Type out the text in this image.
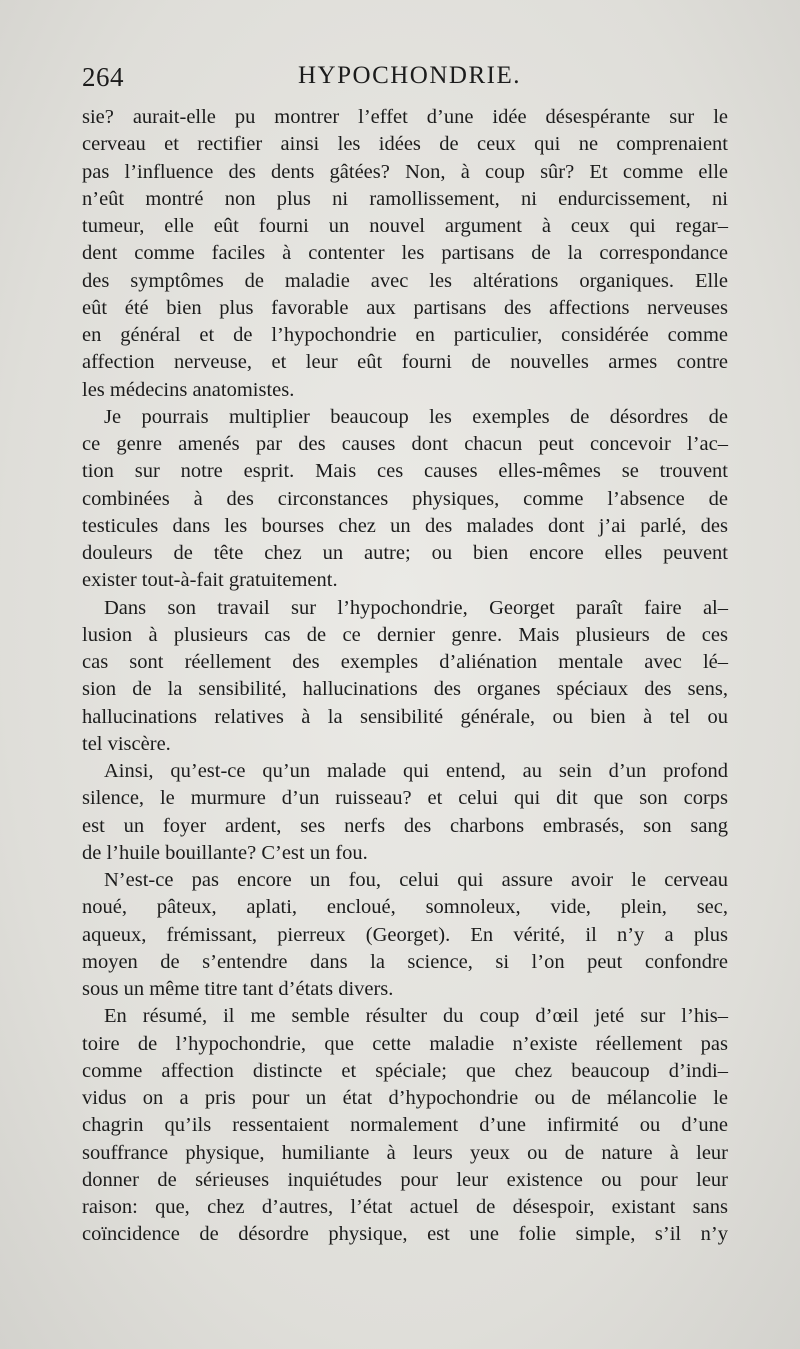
264	HYPOCHONDRIE.
sie? aurait-elle pu montrer l’effet d’une idée désespérante sur le
cerveau et rectifier ainsi les idées de ceux qui ne comprenaient
pas l’influence des dents gâtées? Non, à coup sûr? Et comme elle
n’eût montré non plus ni ramollissement, ni endurcissement, ni
tumeur, elle eût fourni un nouvel argument à ceux qui regar–
dent comme faciles à contenter les partisans de la correspondance
des symptômes de maladie avec les altérations organiques. Elle
eût été bien plus favorable aux partisans des affections nerveuses
en général et de l’hypochondrie en particulier, considérée comme
affection nerveuse, et leur eût fourni de nouvelles armes contre
les médecins anatomistes.
Je pourrais multiplier beaucoup les exemples de désordres de
ce genre amenés par des causes dont chacun peut concevoir l’ac–
tion sur notre esprit. Mais ces causes elles-mêmes se trouvent
combinées à des circonstances physiques, comme l’absence de
testicules dans les bourses chez un des malades dont j’ai parlé, des
douleurs de tête chez un autre; ou bien encore elles peuvent
exister tout-à-fait gratuitement.
Dans son travail sur l’hypochondrie, Georget paraît faire al–
lusion à plusieurs cas de ce dernier genre. Mais plusieurs de ces
cas sont réellement des exemples d’aliénation mentale avec lé–
sion de la sensibilité, hallucinations des organes spéciaux des sens,
hallucinations relatives à la sensibilité générale, ou bien à tel ou
tel viscère.
Ainsi, qu’est-ce qu’un malade qui entend, au sein d’un profond
silence, le murmure d’un ruisseau? et celui qui dit que son corps
est un foyer ardent, ses nerfs des charbons embrasés, son sang
de l’huile bouillante? C’est un fou.
N’est-ce pas encore un fou, celui qui assure avoir le cerveau
noué, pâteux, aplati, encloué, somnoleux, vide, plein, sec,
aqueux, frémissant, pierreux (Georget). En vérité, il n’y a plus
moyen de s’entendre dans la science, si l’on peut confondre
sous un même titre tant d’états divers.
En résumé, il me semble résulter du coup d’œil jeté sur l’his–
toire de l’hypochondrie, que cette maladie n’existe réellement pas
comme affection distincte et spéciale; que chez beaucoup d’indi–
vidus on a pris pour un état d’hypochondrie ou de mélancolie le
chagrin qu’ils ressentaient normalement d’une infirmité ou d’une
souffrance physique, humiliante à leurs yeux ou de nature à leur
donner de sérieuses inquiétudes pour leur existence ou pour leur
raison: que, chez d’autres, l’état actuel de désespoir, existant sans
coïncidence de désordre physique, est une folie simple, s’il n’y
